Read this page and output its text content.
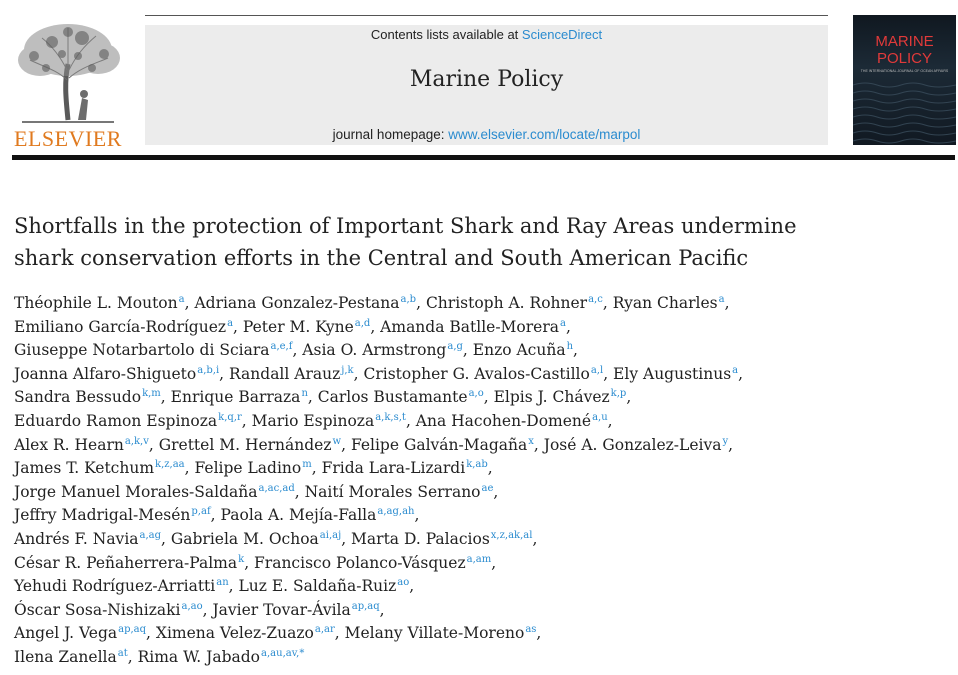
ELSEVIER
Contents lists available at ScienceDirect
Marine Policy
journal homepage: www.elsevier.com/locate/marpol
MARINE
POLICY
THE INTERNATIONAL JOURNAL OF OCEAN AFFAIRS
Shortfalls in the protection of Important Shark and Ray Areas undermine
shark conservation efforts in the Central and South American Pacific
Théophile L. Mouton$^a$, Adriana Gonzalez-Pestana$^{a,b}$, Christoph A. Rohner$^{a,c}$, Ryan Charles$^a$,
Emiliano García-Rodríguez$^a$, Peter M. Kyne$^{a,d}$, Amanda Batlle-Morera$^a$,
Giuseppe Notarbartolo di Sciara$^{a,e,f}$, Asia O. Armstrong$^{a,g}$, Enzo Acuña$^h$,
Joanna Alfaro-Shigueto$^{a,b,i}$, Randall Arauz$^{j,k}$, Cristopher G. Avalos-Castillo$^{a,l}$, Ely Augustinus$^a$,
Sandra Bessudo$^{k,m}$, Enrique Barraza$^n$, Carlos Bustamante$^{a,o}$, Elpis J. Chávez$^{k,p}$,
Eduardo Ramon Espinoza$^{k,q,r}$, Mario Espinoza$^{a,k,s,t}$, Ana Hacohen-Domené$^{a,u}$,
Alex R. Hearn$^{a,k,v}$, Grettel M. Hernández$^w$, Felipe Galván-Magaña$^x$, José A. Gonzalez-Leiva$^y$,
James T. Ketchum$^{k,z,aa}$, Felipe Ladino$^m$, Frida Lara-Lizardi$^{k,ab}$,
Jorge Manuel Morales-Saldaña$^{a,ac,ad}$, Naití Morales Serrano$^{ae}$,
Jeffry Madrigal-Mesén$^{p,af}$, Paola A. Mejía-Falla$^{a,ag,ah}$,
Andrés F. Navia$^{a,ag}$, Gabriela M. Ochoa$^{ai,aj}$, Marta D. Palacios$^{x,z,ak,al}$,
César R. Peñaherrera-Palma$^k$, Francisco Polanco-Vásquez$^{a,am}$,
Yehudi Rodríguez-Arriatti$^{an}$, Luz E. Saldaña-Ruiz$^{ao}$,
Óscar Sosa-Nishizaki$^{a,ao}$, Javier Tovar-Ávila$^{ap,aq}$,
Angel J. Vega$^{ap,aq}$, Ximena Velez-Zuazo$^{a,ar}$, Melany Villate-Moreno$^{as}$,
Ilena Zanella$^{at}$, Rima W. Jabado$^{a,au,av,*}$
